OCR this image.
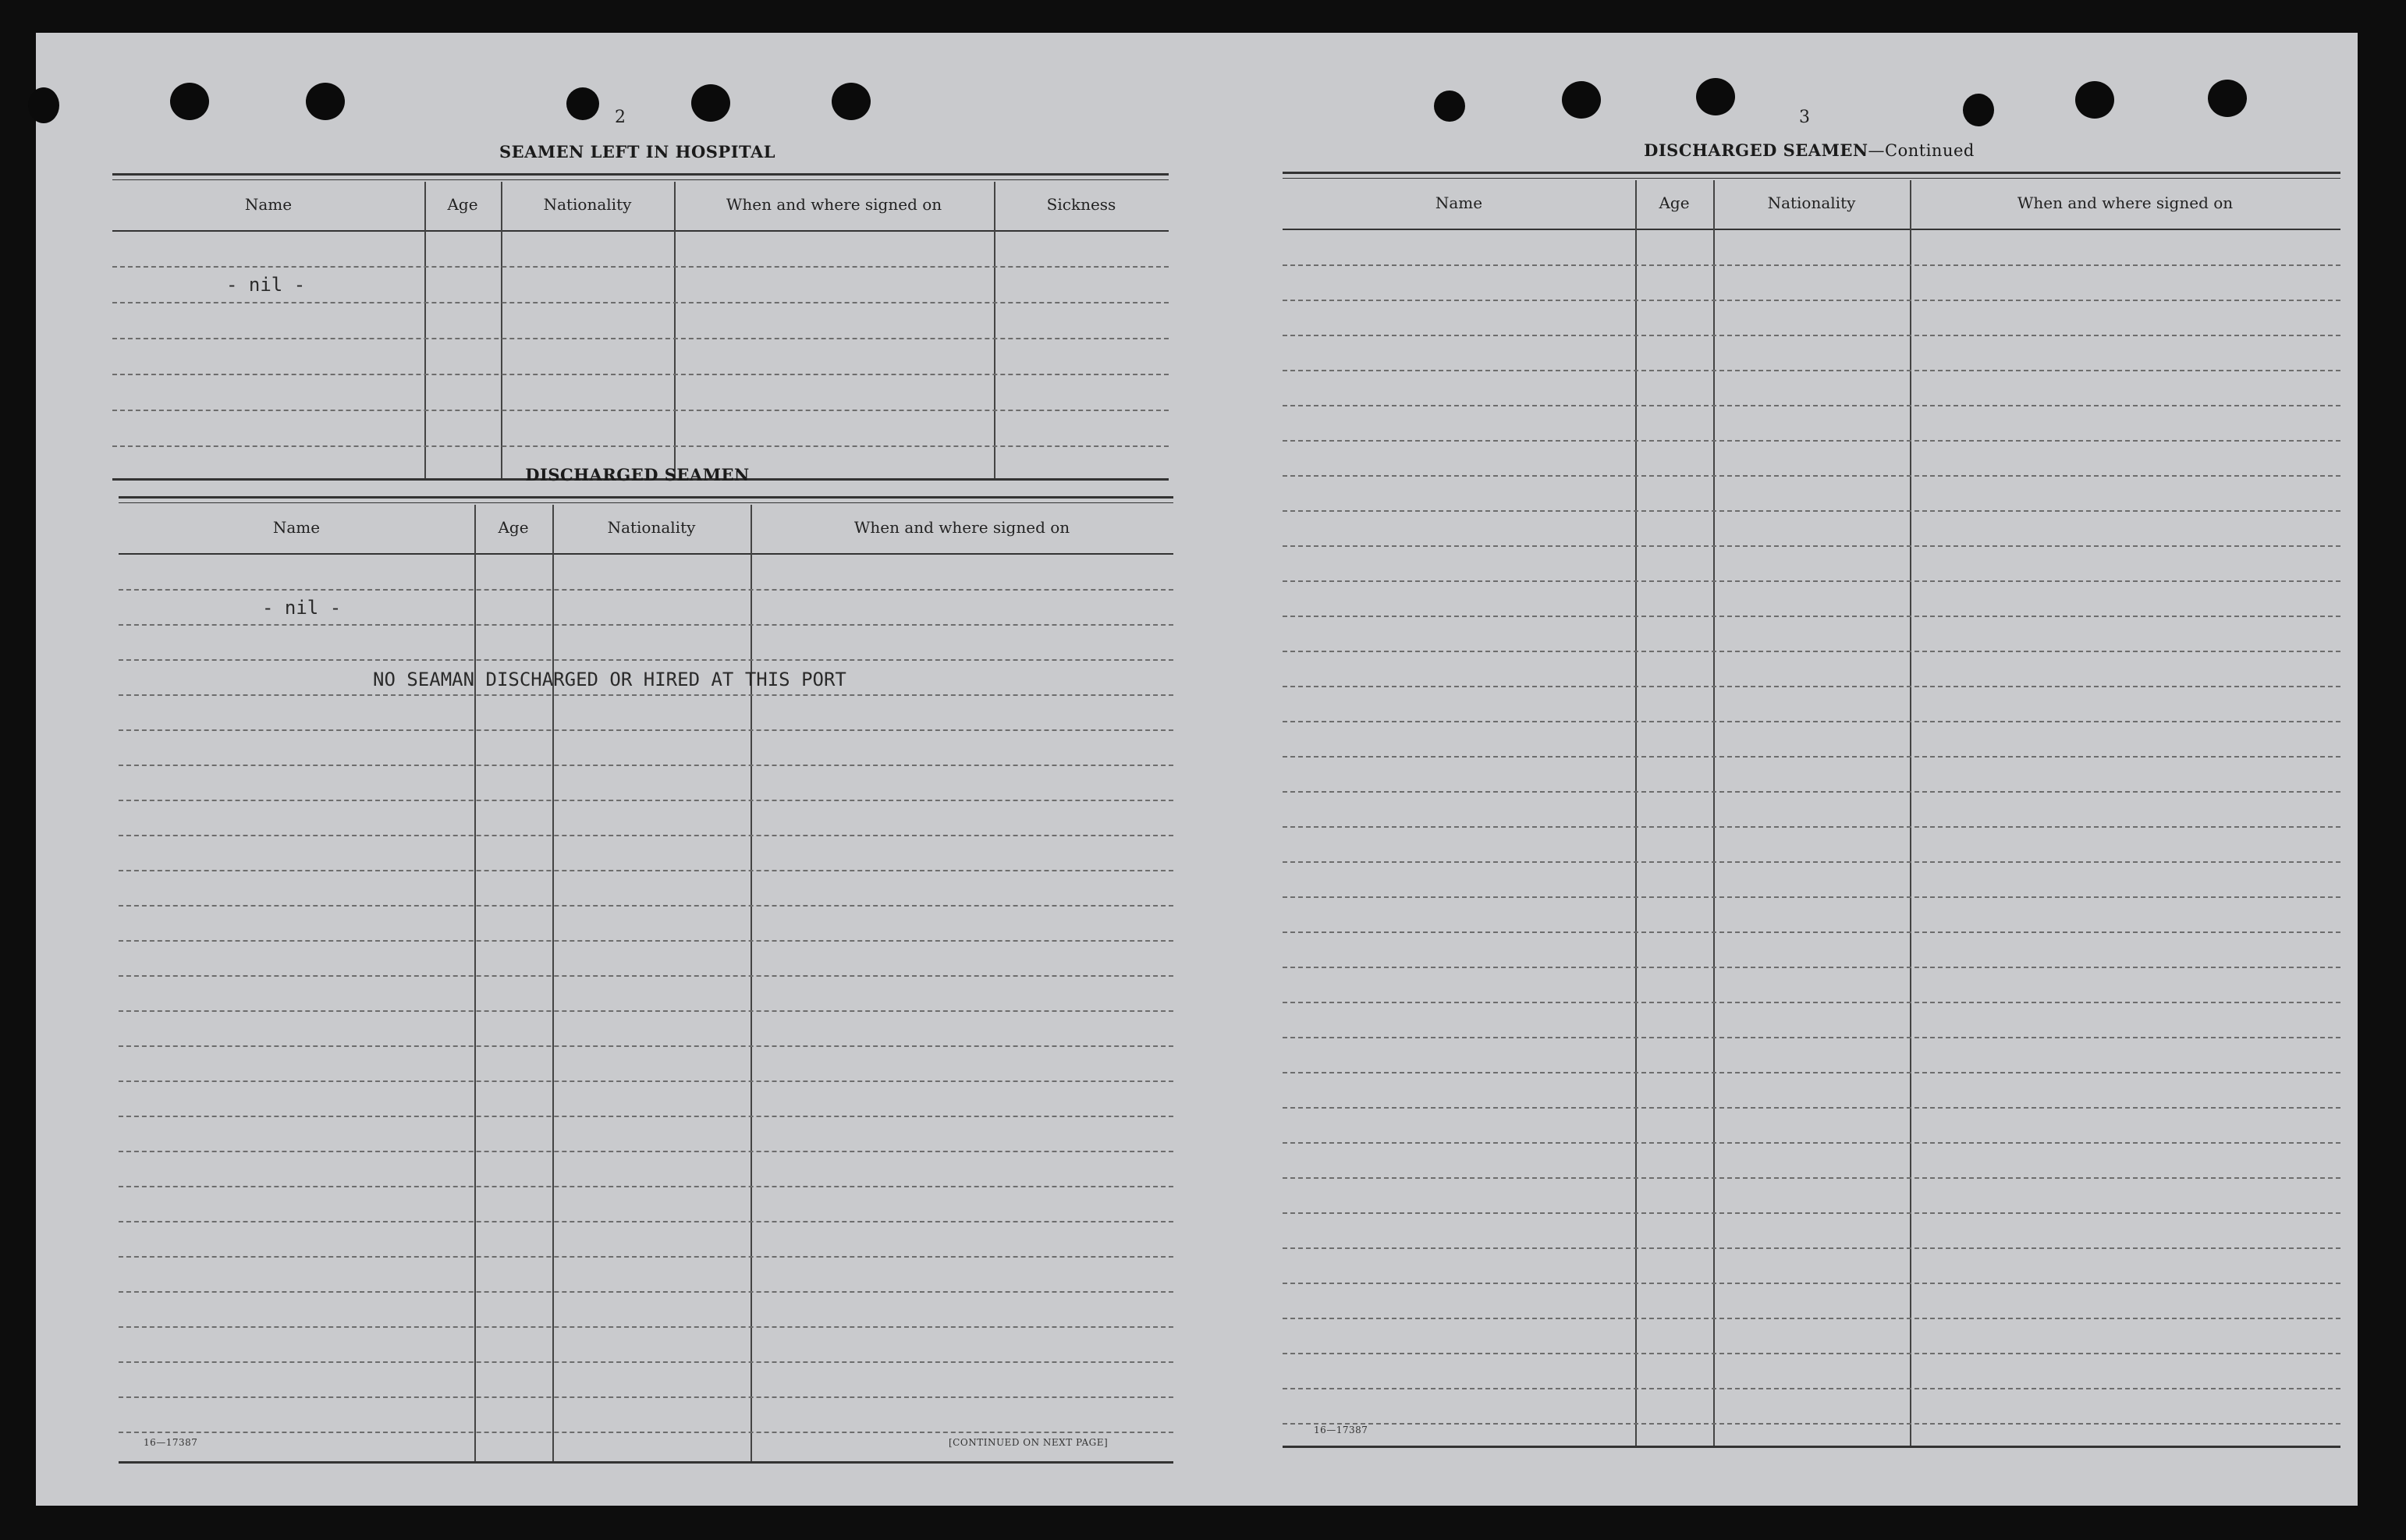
2
SEAMEN LEFT IN HOSPITAL
Name	Age	Nationality	When and where signed on	Sickness
- nil -
DISCHARGED SEAMEN
Name	Age	Nationality	When and where signed on
- nil -
NO SEAMAN DISCHARGED OR HIRED AT THIS PORT
16—17387	[CONTINUED ON NEXT PAGE]
3
DISCHARGED SEAMEN—Continued
Name	Age	Nationality	When and where signed on
16—17387
